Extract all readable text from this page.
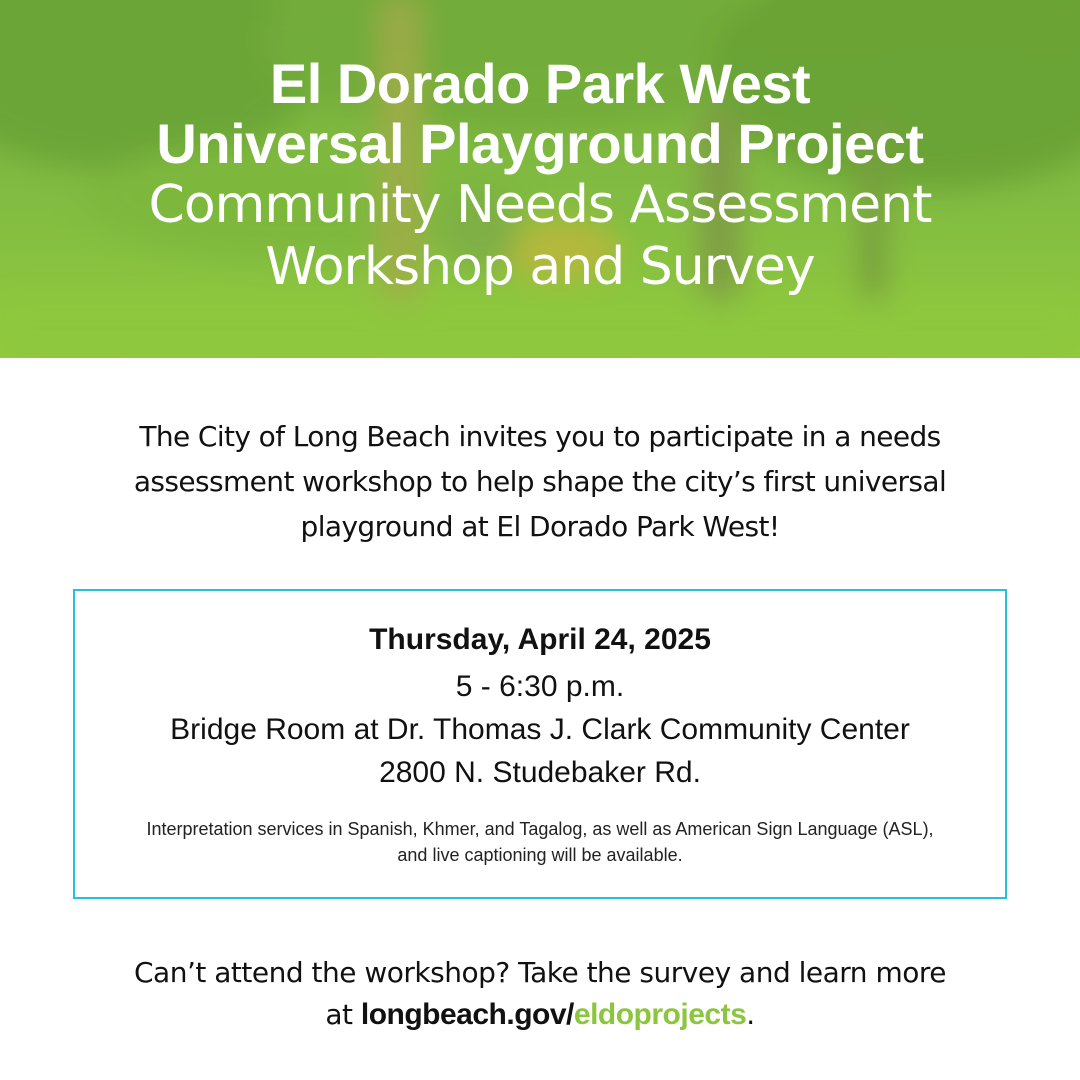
El Dorado Park West
Universal Playground Project
Community Needs Assessment
Workshop and Survey

The City of Long Beach invites you to participate in a needs assessment workshop to help shape the city’s first universal playground at El Dorado Park West!

Thursday, April 24, 2025

5 - 6:30 p.m.

Bridge Room at Dr. Thomas J. Clark Community Center

2800 N. Studebaker Rd.

Interpretation services in Spanish, Khmer, and Tagalog, as well as American Sign Language (ASL), and live captioning will be available.

Can’t attend the workshop? Take the survey and learn more
at longbeach.gov/eldoprojects.
